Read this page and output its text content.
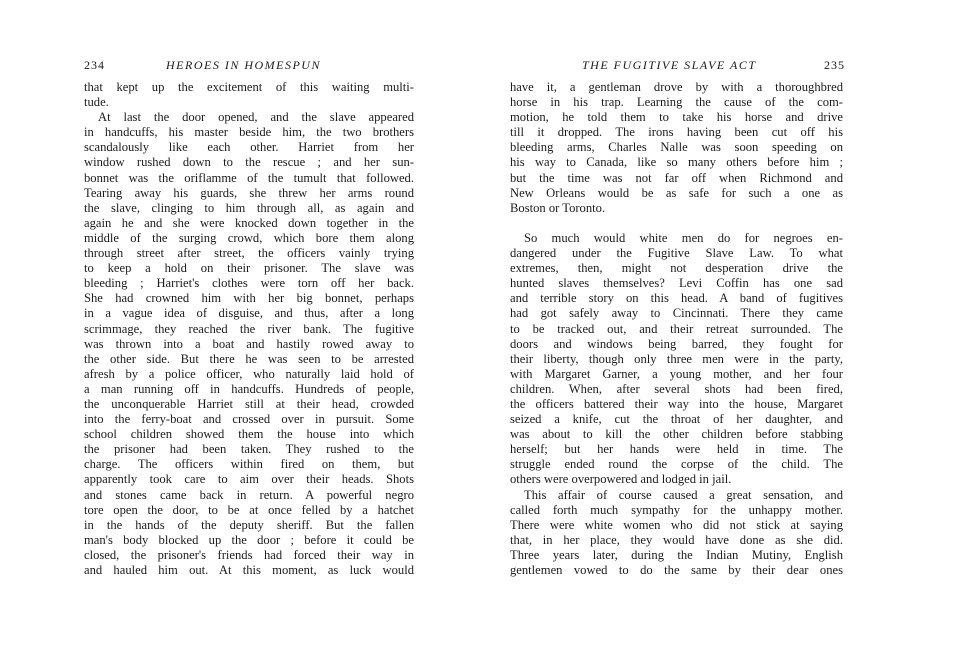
234	HEROES IN HOMESPUN
that kept up the excitement of this waiting multi-
tude.
At last the door opened, and the slave appeared
in handcuffs, his master beside him, the two brothers
scandalously like each other. Harriet from her
window rushed down to the rescue ; and her sun-
bonnet was the oriflamme of the tumult that followed.
Tearing away his guards, she threw her arms round
the slave, clinging to him through all, as again and
again he and she were knocked down together in the
middle of the surging crowd, which bore them along
through street after street, the officers vainly trying
to keep a hold on their prisoner. The slave was
bleeding ; Harriet's clothes were torn off her back.
She had crowned him with her big bonnet, perhaps
in a vague idea of disguise, and thus, after a long
scrimmage, they reached the river bank. The fugitive
was thrown into a boat and hastily rowed away to
the other side. But there he was seen to be arrested
afresh by a police officer, who naturally laid hold of
a man running off in handcuffs. Hundreds of people,
the unconquerable Harriet still at their head, crowded
into the ferry-boat and crossed over in pursuit. Some
school children showed them the house into which
the prisoner had been taken. They rushed to the
charge. The officers within fired on them, but
apparently took care to aim over their heads. Shots
and stones came back in return. A powerful negro
tore open the door, to be at once felled by a hatchet
in the hands of the deputy sheriff. But the fallen
man's body blocked up the door ; before it could be
closed, the prisoner's friends had forced their way in
and hauled him out. At this moment, as luck would
THE FUGITIVE SLAVE ACT	235
have it, a gentleman drove by with a thoroughbred
horse in his trap. Learning the cause of the com-
motion, he told them to take his horse and drive
till it dropped. The irons having been cut off his
bleeding arms, Charles Nalle was soon speeding on
his way to Canada, like so many others before him ;
but the time was not far off when Richmond and
New Orleans would be as safe for such a one as
Boston or Toronto.
So much would white men do for negroes en-
dangered under the Fugitive Slave Law. To what
extremes, then, might not desperation drive the
hunted slaves themselves? Levi Coffin has one sad
and terrible story on this head. A band of fugitives
had got safely away to Cincinnati. There they came
to be tracked out, and their retreat surrounded. The
doors and windows being barred, they fought for
their liberty, though only three men were in the party,
with Margaret Garner, a young mother, and her four
children. When, after several shots had been fired,
the officers battered their way into the house, Margaret
seized a knife, cut the throat of her daughter, and
was about to kill the other children before stabbing
herself; but her hands were held in time. The
struggle ended round the corpse of the child. The
others were overpowered and lodged in jail.
This affair of course caused a great sensation, and
called forth much sympathy for the unhappy mother.
There were white women who did not stick at saying
that, in her place, they would have done as she did.
Three years later, during the Indian Mutiny, English
gentlemen vowed to do the same by their dear ones
